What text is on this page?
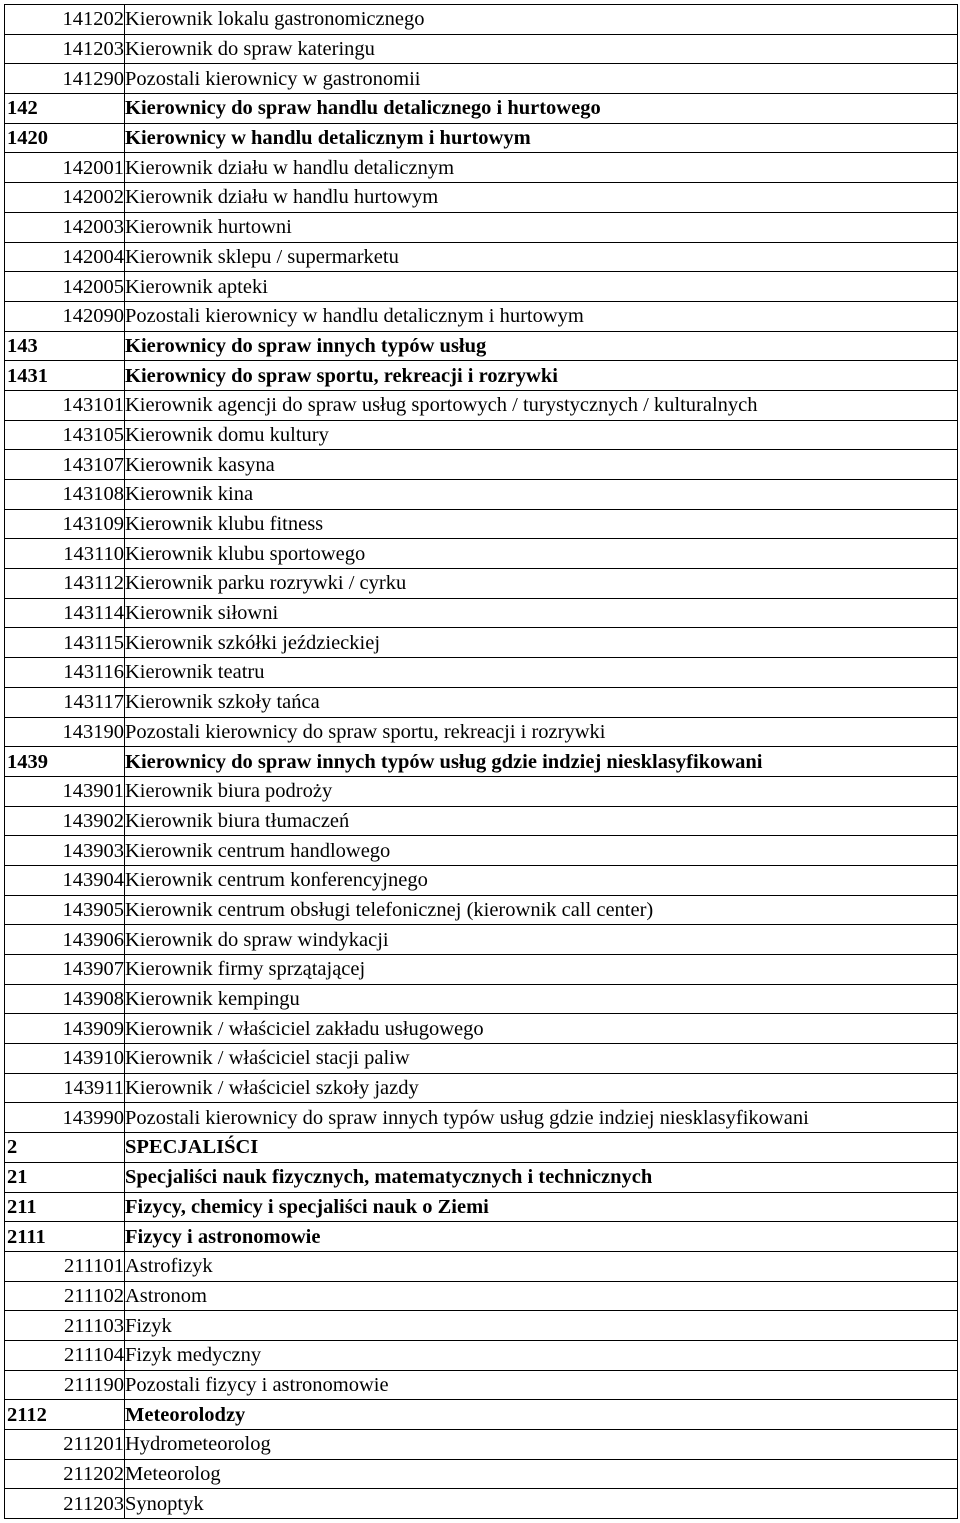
141202	Kierownik lokalu gastronomicznego
141203	Kierownik do spraw kateringu
141290	Pozostali kierownicy w gastronomii
142	Kierownicy do spraw handlu detalicznego i hurtowego
1420	Kierownicy w handlu detalicznym i hurtowym
142001	Kierownik działu w handlu detalicznym
142002	Kierownik działu w handlu hurtowym
142003	Kierownik hurtowni
142004	Kierownik sklepu / supermarketu
142005	Kierownik apteki
142090	Pozostali kierownicy w handlu detalicznym i hurtowym
143	Kierownicy do spraw innych typów usług
1431	Kierownicy do spraw sportu, rekreacji i rozrywki
143101	Kierownik agencji do spraw usług sportowych / turystycznych / kulturalnych
143105	Kierownik domu kultury
143107	Kierownik kasyna
143108	Kierownik kina
143109	Kierownik klubu fitness
143110	Kierownik klubu sportowego
143112	Kierownik parku rozrywki / cyrku
143114	Kierownik siłowni
143115	Kierownik szkółki jeździeckiej
143116	Kierownik teatru
143117	Kierownik szkoły tańca
143190	Pozostali kierownicy do spraw sportu, rekreacji i rozrywki
1439	Kierownicy do spraw innych typów usług gdzie indziej niesklasyfikowani
143901	Kierownik biura podroży
143902	Kierownik biura tłumaczeń
143903	Kierownik centrum handlowego
143904	Kierownik centrum konferencyjnego
143905	Kierownik centrum obsługi telefonicznej (kierownik call center)
143906	Kierownik do spraw windykacji
143907	Kierownik firmy sprzątającej
143908	Kierownik kempingu
143909	Kierownik / właściciel zakładu usługowego
143910	Kierownik / właściciel stacji paliw
143911	Kierownik / właściciel szkoły jazdy
143990	Pozostali kierownicy do spraw innych typów usług gdzie indziej niesklasyfikowani
2	SPECJALIŚCI
21	Specjaliści nauk fizycznych, matematycznych i technicznych
211	Fizycy, chemicy i specjaliści nauk o Ziemi
2111	Fizycy i astronomowie
211101	Astrofizyk
211102	Astronom
211103	Fizyk
211104	Fizyk medyczny
211190	Pozostali fizycy i astronomowie
2112	Meteorolodzy
211201	Hydrometeorolog
211202	Meteorolog
211203	Synoptyk
